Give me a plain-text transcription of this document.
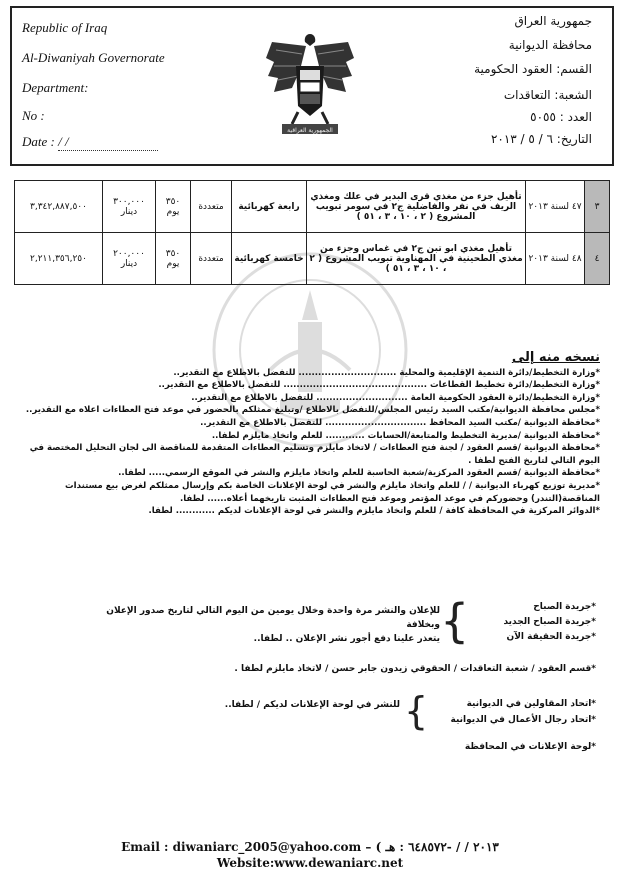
Republic of Iraq
Al-Diwaniyah Governorate
Department:
No :
Date : / /
جمهورية العراق
محافظة الديوانية
القسم: العقود الحكومية
الشعبة: التعاقدات
العدد : ٥٠٥٥
التاريخ: ٦ / ٥ / ٢٠١٣
الجمهورية العراقية
٣	٤٧ لسنة ٢٠١٣	تأهيل جزء من مغذي قرى البدير في علك ومغذي الريف في نفر والفاضلية ج٢ في سومر تبويب المشروع ( ٢ ، ١٠ ، ٣ ، ٥١ )	رابعة كهربائية	متعددة	٣٥٠ يوم	٣٠٠,٠٠٠ دينار	٣,٣٤٢,٨٨٧,٥٠٠
٤	٤٨ لسنة ٢٠١٣	تأهيل مغذي ابو تبن ج٢ في غماس وجزء من مغذي الطحينية في المهناوية تبويب المشروع ( ٢ ، ١٠ ، ٣ ، ٥١ )	خامسة كهربائية	متعددة	٣٥٠ يوم	٢٠٠,٠٠٠ دينار	٢,٢١١,٣٥٦,٢٥٠
نسخه منه إلى

*وزارة التخطيط/دائرة التنمية الإقليمية والمحلية .............................. للتفضل بالاطلاع مع التقدير..

*وزارة التخطيط/دائرة تخطيط القطاعات ............................................ للتفضل بالاطلاع مع التقدير..

*وزارة التخطيط/دائرة العقود الحكومية العامة ............................ للتفضل بالاطلاع مع التقدير..

*مجلس محافظة الديوانية/مكتب السيد رئيس المجلس/للتفضل بالاطلاع /وتبليغ ممثلكم بالحضور في موعد فتح العطاءات اعلاه مع التقدير..

*محافظة الديوانية /مكتب السيد المحافظ ............................... للتفضل بالاطلاع مع التقدير..

*محافظة الديوانية /مديرية التخطيط والمتابعة/الحسابات ............ للعلم واتخاذ مايلزم لطفا..

*محافظة الديوانية /قسم العقود / لجنة فتح العطاءات / لاتخاذ مايلزم وتسليم العطاءات المتقدمة للمناقصة الى لجان التحليل المختصة في اليوم التالي لتاريخ الفتح لطفا .

*محافظة الديوانية /قسم العقود المركزية/شعبة الحاسبة للعلم واتخاذ مايلزم والنشر في الموقع الرسمي..... لطفا..

*مديرية توزيع كهرباء الديوانية / / للعلم واتخاذ مايلزم والنشر في لوحة الإعلانات الخاصة بكم وإرسال ممثلكم لغرض بيع مستندات المناقصة(التندر) وحضوركم في موعد المؤتمر وموعد فتح العطاءات المثبت تاريخهما أعلاه...... لطفا.

*الدوائر المركزية في المحافظة كافة / للعلم واتخاذ مايلزم والنشر في لوحة الإعلانات لديكم ............ لطفا.

*جريدة الصباح
*جريدة الصباح الجديد
*جريدة الحقيقة الآن
{
للإعلان والنشر مرة واحدة وخلال يومين من اليوم التالي لتاريخ صدور الإعلان وبخلافة
يتعذر علينا دفع أجور نشر الإعلان .. لطفا..
*قسم العقود / شعبة التعاقدات / الحقوقي زيدون جابر حسن / لاتخاذ مايلزم لطفا .
*اتحاد المقاولين في الديوانية
*اتحاد رجال الأعمال في الديوانية
{
للنشر في لوحة الإعلانات لديكم / لطفا..
*لوحة الإعلانات في المحافظة
Email : diwaniarc_2005@yahoo.com – ( ٢٠١٣ / / -٦٤٨٥٧٢ : هـ
Website:www.dewaniarc.net
